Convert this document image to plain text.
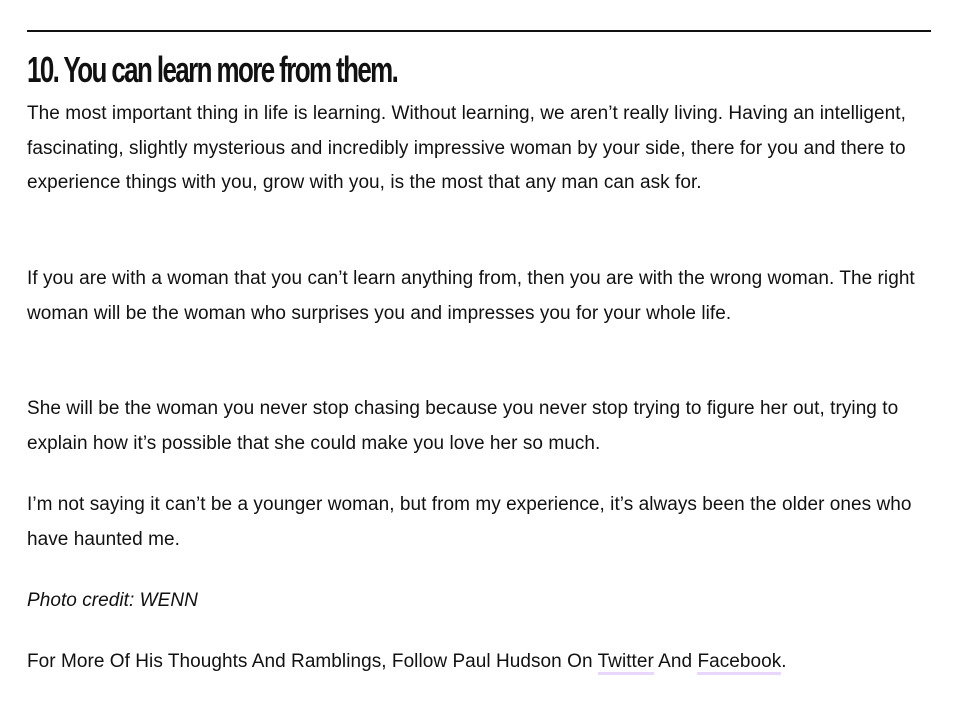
10. You can learn more from them.

The most important thing in life is learning. Without learning, we aren’t really living. Having an intelligent, fascinating, slightly mysterious and incredibly impressive woman by your side, there for you and there to experience things with you, grow with you, is the most that any man can ask for.

If you are with a woman that you can’t learn anything from, then you are with the wrong woman. The right woman will be the woman who surprises you and impresses you for your whole life.

She will be the woman you never stop chasing because you never stop trying to figure her out, trying to explain how it’s possible that she could make you love her so much.

I’m not saying it can’t be a younger woman, but from my experience, it’s always been the older ones who have haunted me.

Photo credit: WENN

For More Of His Thoughts And Ramblings, Follow Paul Hudson On Twitter And Facebook.
